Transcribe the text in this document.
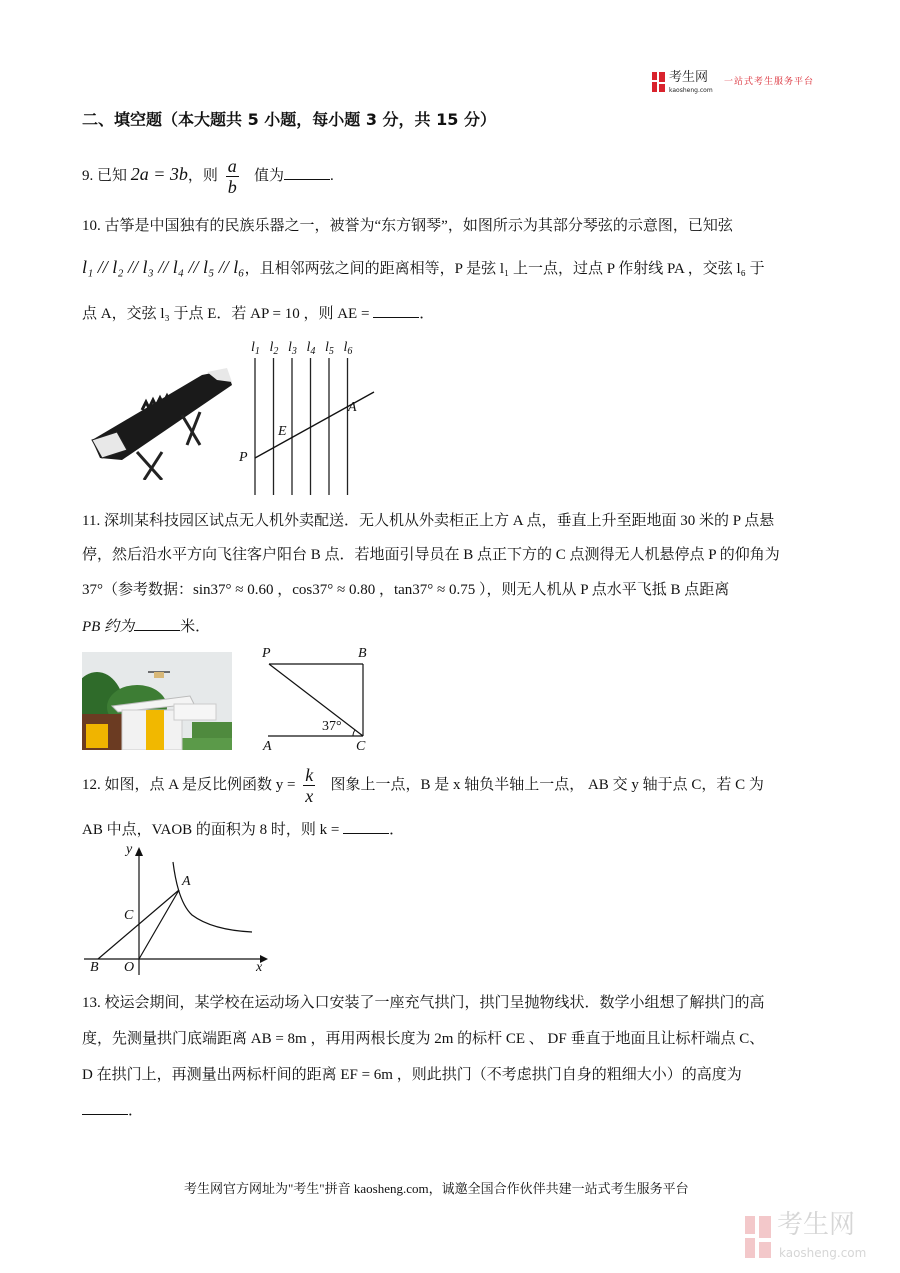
考生网
kaosheng.com
一站式考生服务平台
二、填空题（本大题共 5 小题，每小题 3 分，共 15 分）
9. 已知 2a = 3b，则 $\frac{a}{b}$ 值为	.
10. 古筝是中国独有的民族乐器之一，被誉为“东方钢琴”，如图所示为其部分琴弦的示意图，已知弦
l₁ // l₂ // l₃ // l₄ // l₅ // l₆，且相邻两弦之间的距离相等，P 是弦 l₁ 上一点，过点 P 作射线 PA ，交弦 l₆ 于
点 A，交弦 l₃ 于点 E．若 AP = 10 ，则 AE =	．
$l_1$ $l_2$ $l_3$ $l_4$ $l_5$ $l_6$
P
E
A
11. 深圳某科技园区试点无人机外卖配送．无人机从外卖柜正上方 A 点，垂直上升至距地面 30 米的 P 点悬
停，然后沿水平方向飞往客户阳台 B 点．若地面引导员在 B 点正下方的 C 点测得无人机悬停点 P 的仰角为
37°（参考数据：sin37° ≈ 0.60 ，cos37° ≈ 0.80 ，tan37° ≈ 0.75 ），则无人机从 P 点水平飞抵 B 点距离
PB 约为	米．
P	B
A	C
37°
12. 如图，点 A 是反比例函数 $y = \frac{k}{x}$ 图象上一点，B 是 x 轴负半轴上一点， AB 交 y 轴于点 C，若 C 为
AB 中点，VAOB 的面积为 8 时，则 k =	．
y
x
A
B
C
O
13. 校运会期间，某学校在运动场入口安装了一座充气拱门，拱门呈抛物线状．数学小组想了解拱门的高
度，先测量拱门底端距离 AB = 8m ，再用两根长度为 2m 的标杆 CE 、 DF 垂直于地面且让标杆端点 C、
D 在拱门上，再测量出两标杆间的距离 EF = 6m ，则此拱门（不考虑拱门自身的粗细大小）的高度为
．
考生网官方网址为"考生"拼音 kaosheng.com，诚邀全国合作伙伴共建一站式考生服务平台
考生网
kaosheng.com
